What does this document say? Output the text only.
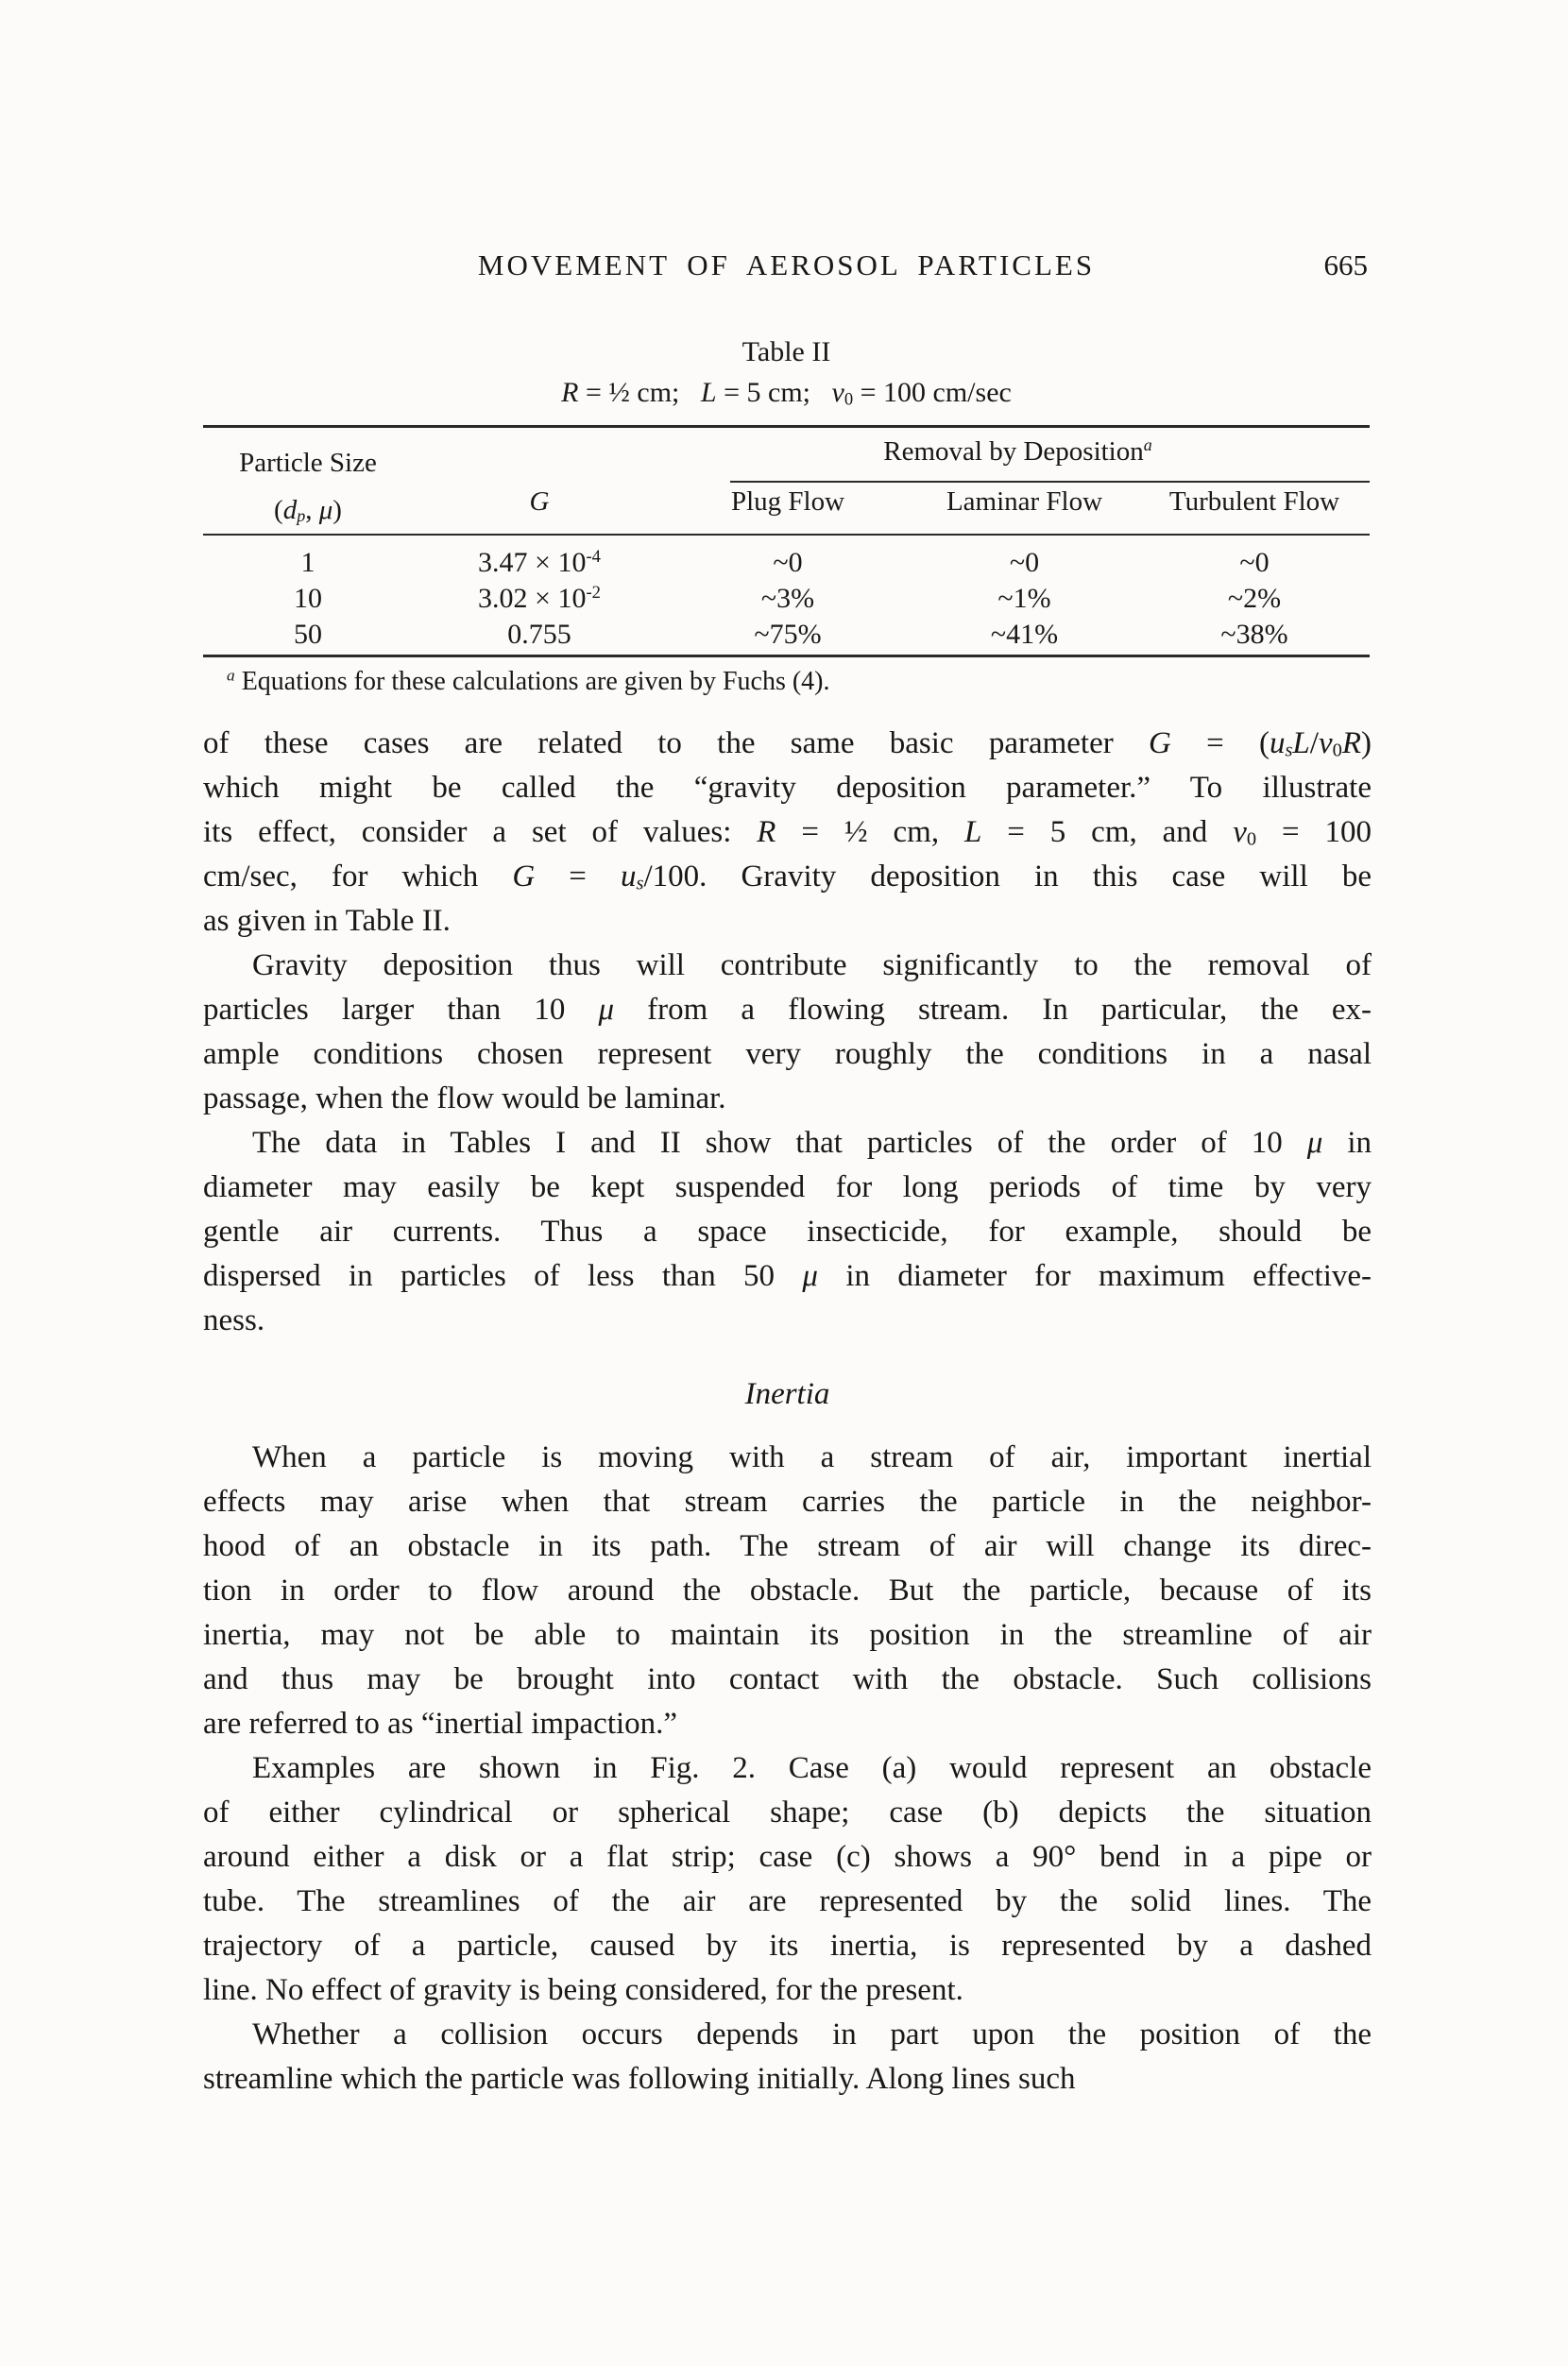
MOVEMENT OF AEROSOL PARTICLES	665
Table II
R = ½ cm;   L = 5 cm;   $v_0 = 100$ cm/sec
Particle Size
($d_p$, μ)	G
Removal by Deposition$^a$
Plug Flow	Laminar Flow	Turbulent Flow
1	$3.47 \times 10^{-4}$	~0	~0	~0
10	$3.02 \times 10^{-2}$	~3%	~1%	~2%
50	0.755	~75%	~41%	~38%
$^a$ Equations for these calculations are given by Fuchs (4).
of these cases are related to the same basic parameter $G = (u_sL/v_0R)$
which might be called the “gravity deposition parameter.” To illustrate
its effect, consider a set of values: R = ½ cm, L = 5 cm, and $v_0 = 100$
cm/sec, for which $G = u_s/100$. Gravity deposition in this case will be
as given in Table II.
Gravity deposition thus will contribute significantly to the removal of
particles larger than 10 μ from a flowing stream. In particular, the ex-
ample conditions chosen represent very roughly the conditions in a nasal
passage, when the flow would be laminar.
The data in Tables I and II show that particles of the order of 10 μ in
diameter may easily be kept suspended for long periods of time by very
gentle air currents. Thus a space insecticide, for example, should be
dispersed in particles of less than 50 μ in diameter for maximum effective-
ness.
Inertia
When a particle is moving with a stream of air, important inertial
effects may arise when that stream carries the particle in the neighbor-
hood of an obstacle in its path. The stream of air will change its direc-
tion in order to flow around the obstacle. But the particle, because of its
inertia, may not be able to maintain its position in the streamline of air
and thus may be brought into contact with the obstacle. Such collisions
are referred to as “inertial impaction.”
Examples are shown in Fig. 2. Case (a) would represent an obstacle
of either cylindrical or spherical shape; case (b) depicts the situation
around either a disk or a flat strip; case (c) shows a 90° bend in a pipe or
tube. The streamlines of the air are represented by the solid lines. The
trajectory of a particle, caused by its inertia, is represented by a dashed
line. No effect of gravity is being considered, for the present.
Whether a collision occurs depends in part upon the position of the
streamline which the particle was following initially. Along lines such
